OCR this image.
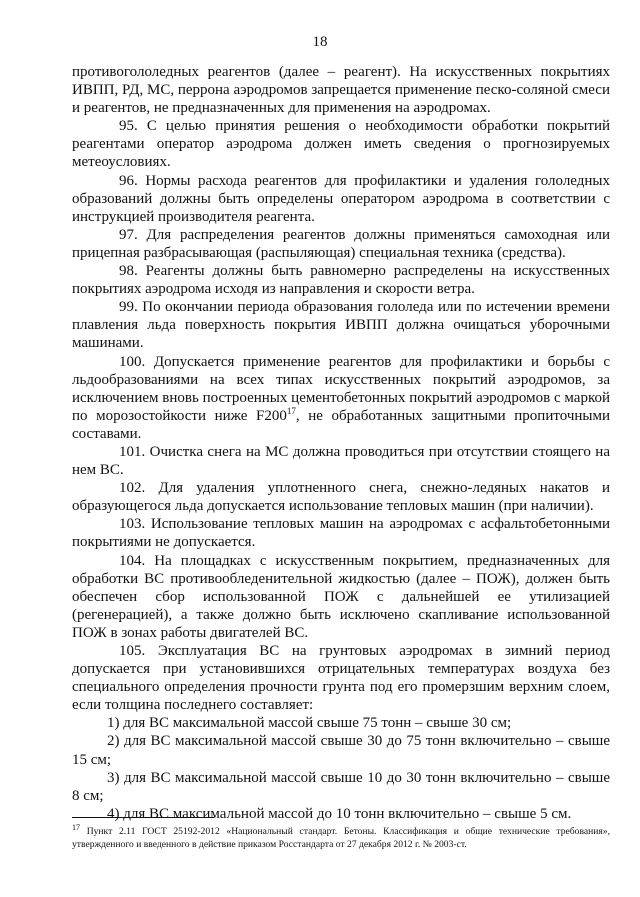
18

противогололедных реагентов (далее – реагент). На искусственных покрытиях ИВПП, РД, МС, перрона аэродромов запрещается применение песко-соляной смеси и реагентов, не предназначенных для применения на аэродромах.

95. С целью принятия решения о необходимости обработки покрытий реагентами оператор аэродрома должен иметь сведения о прогнозируемых метеоусловиях.

96. Нормы расхода реагентов для профилактики и удаления гололедных образований должны быть определены оператором аэродрома в соответствии с инструкцией производителя реагента.

97. Для распределения реагентов должны применяться самоходная или прицепная разбрасывающая (распыляющая) специальная техника (средства).

98. Реагенты должны быть равномерно распределены на искусственных покрытиях аэродрома исходя из направления и скорости ветра.

99. По окончании периода образования гололеда или по истечении времени плавления льда поверхность покрытия ИВПП должна очищаться уборочными машинами.

100. Допускается применение реагентов для профилактики и борьбы с льдообразованиями на всех типах искусственных покрытий аэродромов, за исключением вновь построенных цементобетонных покрытий аэродромов с маркой по морозостойкости ниже $F200^{17}$, не обработанных защитными пропиточными составами.

101. Очистка снега на МС должна проводиться при отсутствии стоящего на нем ВС.

102. Для удаления уплотненного снега, снежно-ледяных накатов и образующегося льда допускается использование тепловых машин (при наличии).

103. Использование тепловых машин на аэродромах с асфальтобетонными покрытиями не допускается.

104. На площадках с искусственным покрытием, предназначенных для обработки ВС противообледенительной жидкостью (далее – ПОЖ), должен быть обеспечен сбор использованной ПОЖ с дальнейшей ее утилизацией (регенерацией), а также должно быть исключено скапливание использованной ПОЖ в зонах работы двигателей ВС.

105. Эксплуатация ВС на грунтовых аэродромах в зимний период допускается при установившихся отрицательных температурах воздуха без специального определения прочности грунта под его промерзшим верхним слоем, если толщина последнего составляет:

1) для ВС максимальной массой свыше 75 тонн – свыше 30 см;

2) для ВС максимальной массой свыше 30 до 75 тонн включительно – свыше 15 см;

3) для ВС максимальной массой свыше 10 до 30 тонн включительно – свыше 8 см;

4) для ВС максимальной массой до 10 тонн включительно – свыше 5 см.

$^{17}$ Пункт 2.11 ГОСТ 25192-2012 «Национальный стандарт. Бетоны. Классификация и общие технические требования», утвержденного и введенного в действие приказом Росстандарта от 27 декабря 2012 г. № 2003-ст.
